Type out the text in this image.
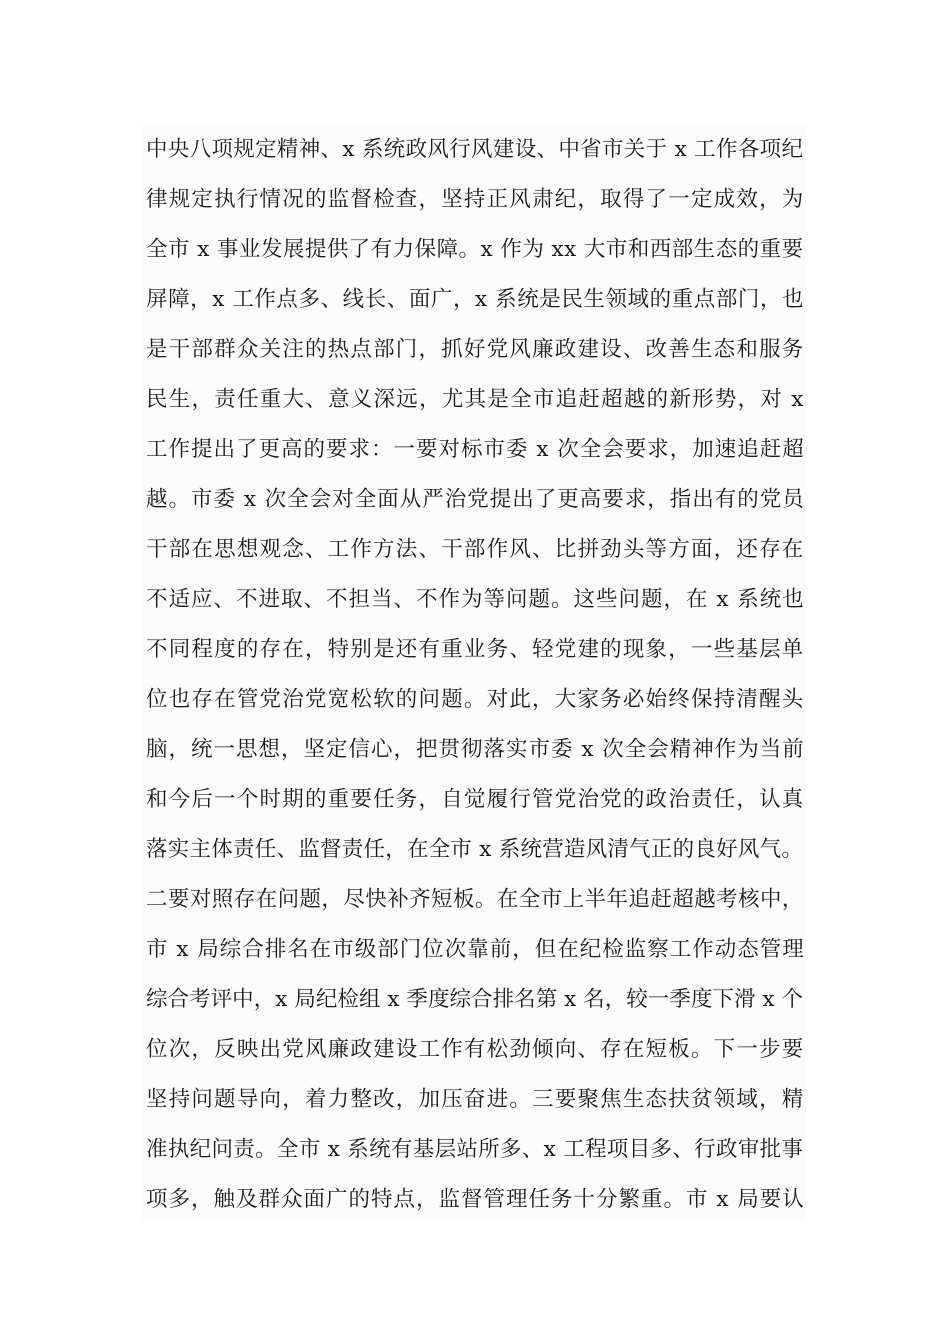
中央八项规定精神、x 系统政风行风建设、中省市关于 x 工作各项纪
律规定执行情况的监督检查，坚持正风肃纪，取得了一定成效，为
全市 x 事业发展提供了有力保障。x 作为 xx 大市和西部生态的重要
屏障，x 工作点多、线长、面广，x 系统是民生领域的重点部门，也
是干部群众关注的热点部门，抓好党风廉政建设、改善生态和服务
民生，责任重大、意义深远，尤其是全市追赶超越的新形势，对 x
工作提出了更高的要求：一要对标市委 x 次全会要求，加速追赶超
越。市委 x 次全会对全面从严治党提出了更高要求，指出有的党员
干部在思想观念、工作方法、干部作风、比拼劲头等方面，还存在
不适应、不进取、不担当、不作为等问题。这些问题，在 x 系统也
不同程度的存在，特别是还有重业务、轻党建的现象，一些基层单
位也存在管党治党宽松软的问题。对此，大家务必始终保持清醒头
脑，统一思想，坚定信心，把贯彻落实市委 x 次全会精神作为当前
和今后一个时期的重要任务，自觉履行管党治党的政治责任，认真
落实主体责任、监督责任，在全市 x 系统营造风清气正的良好风气。
二要对照存在问题，尽快补齐短板。在全市上半年追赶超越考核中，
市 x 局综合排名在市级部门位次靠前，但在纪检监察工作动态管理
综合考评中，x 局纪检组 x 季度综合排名第 x 名，较一季度下滑 x 个
位次，反映出党风廉政建设工作有松劲倾向、存在短板。下一步要
坚持问题导向，着力整改，加压奋进。三要聚焦生态扶贫领域，精
准执纪问责。全市 x 系统有基层站所多、x 工程项目多、行政审批事
项多，触及群众面广的特点，监督管理任务十分繁重。市 x 局要认
